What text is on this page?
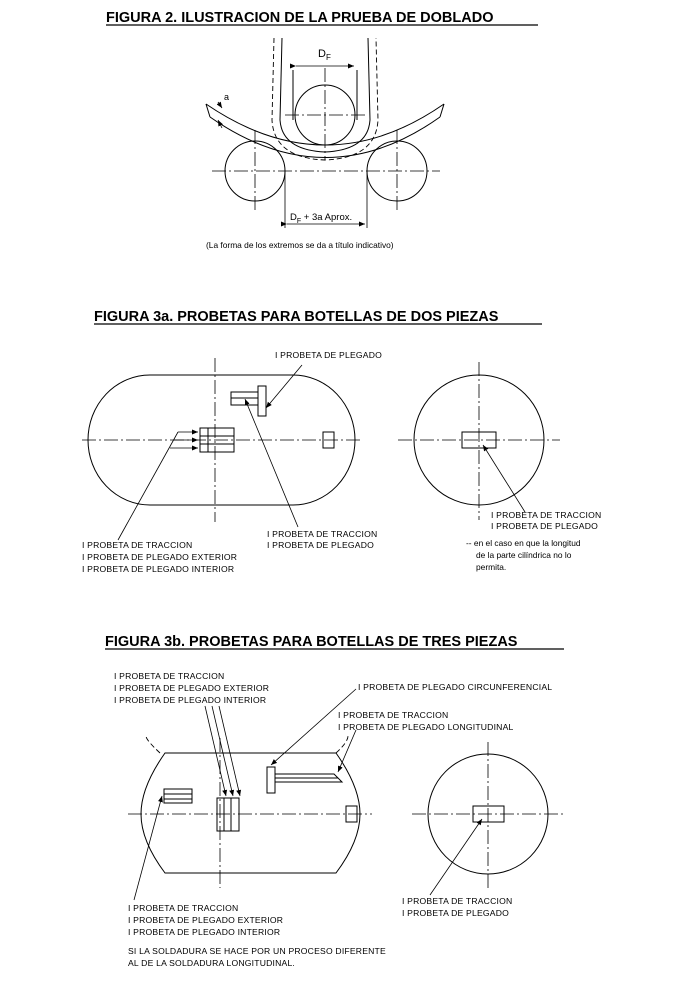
FIGURA 2. ILUSTRACION DE LA PRUEBA DE DOBLADO
$D_F$
a
$D_F + 3a$ Aprox.
(La forma de los extremos se da a título indicativo)
FIGURA 3a. PROBETAS PARA BOTELLAS DE DOS PIEZAS
I PROBETA DE PLEGADO
I PROBETA DE TRACCION
I PROBETA DE PLEGADO
I PROBETA DE TRACCION
I PROBETA DE PLEGADO EXTERIOR
I PROBETA DE PLEGADO INTERIOR
I PROBETA DE TRACCION
I PROBETA DE PLEGADO
-- en el caso en que la longitud
de la parte cilíndrica no lo
permita.
FIGURA 3b. PROBETAS PARA BOTELLAS DE TRES PIEZAS
I PROBETA DE TRACCION
I PROBETA DE PLEGADO EXTERIOR
I PROBETA DE PLEGADO INTERIOR
I PROBETA DE PLEGADO CIRCUNFERENCIAL
I PROBETA DE TRACCION
I PROBETA DE PLEGADO LONGITUDINAL
I PROBETA DE TRACCION
I PROBETA DE PLEGADO EXTERIOR
I PROBETA DE PLEGADO INTERIOR
SI LA SOLDADURA SE HACE POR UN PROCESO DIFERENTE
AL DE LA SOLDADURA LONGITUDINAL.
I PROBETA DE TRACCION
I PROBETA DE PLEGADO
